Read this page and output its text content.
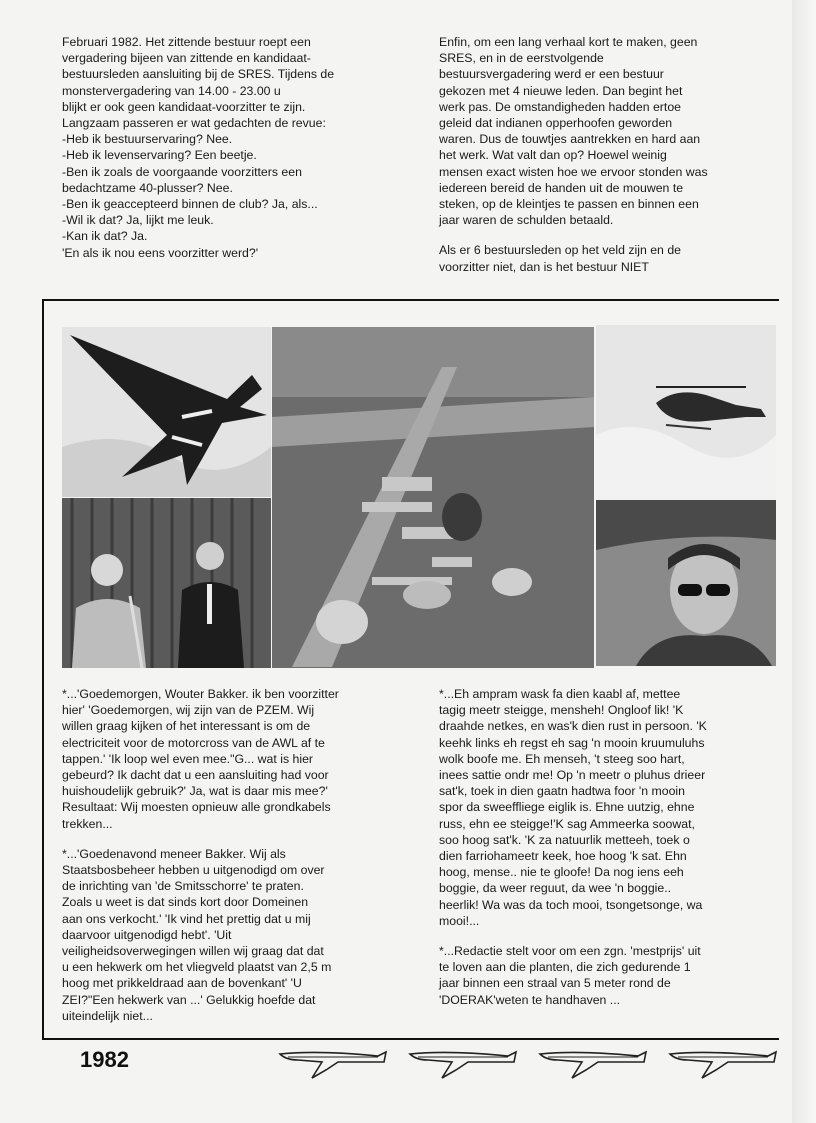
Februari 1982. Het zittende bestuur roept een
vergadering bijeen van zittende en kandidaat-
bestuursleden aansluiting bij de SRES. Tijdens de
monstervergadering van 14.00 - 23.00 u
blijkt er ook geen kandidaat-voorzitter te zijn.
Langzaam passeren er wat gedachten de revue:
-Heb ik bestuurservaring? Nee.
-Heb ik levenservaring? Een beetje.
-Ben ik zoals de voorgaande voorzitters een
bedachtzame 40-plusser? Nee.
-Ben ik geaccepteerd binnen de club? Ja, als...
-Wil ik dat? Ja, lijkt me leuk.
-Kan ik dat? Ja.
'En als ik nou eens voorzitter werd?'

Enfin, om een lang verhaal kort te maken, geen
SRES, en in de eerstvolgende
bestuursvergadering werd er een bestuur
gekozen met 4 nieuwe leden. Dan begint het
werk pas. De omstandigheden hadden ertoe
geleid dat indianen opperhoofen geworden
waren. Dus de touwtjes aantrekken en hard aan
het werk. Wat valt dan op? Hoewel weinig
mensen exact wisten hoe we ervoor stonden was
iedereen bereid de handen uit de mouwen te
steken, op de kleintjes te passen en binnen een
jaar waren de schulden betaald.

Als er 6 bestuursleden op het veld zijn en de
voorzitter niet, dan is het bestuur NIET

*...'Goedemorgen, Wouter Bakker. ik ben voorzitter
hier' 'Goedemorgen, wij zijn van de PZEM. Wij
willen graag kijken of het interessant is om de
electriciteit voor de motorcross van de AWL af te
tappen.' 'Ik loop wel even mee."G... wat is hier
gebeurd? Ik dacht dat u een aansluiting had voor
huishoudelijk gebruik?' Ja, wat is daar mis mee?'
Resultaat: Wij moesten opnieuw alle grondkabels
trekken...

*...'Goedenavond meneer Bakker. Wij als
Staatsbosbeheer hebben u uitgenodigd om over
de inrichting van 'de Smitsschorre' te praten.
Zoals u weet is dat sinds kort door Domeinen
aan ons verkocht.' 'Ik vind het prettig dat u mij
daarvoor uitgenodigd hebt'. 'Uit
veiligheidsoverwegingen willen wij graag dat dat
u een hekwerk om het vliegveld plaatst van 2,5 m
hoog met prikkeldraad aan de bovenkant' 'U
ZEI?"Een hekwerk van ...' Gelukkig hoefde dat
uiteindelijk niet...

*...Eh ampram wask fa dien kaabl af, mettee
tagig meetr steigge, mensheh! Ongloof lik! 'K
draahde netkes, en was'k dien rust in persoon. 'K
keehk links eh regst eh sag 'n mooin kruumuluhs
wolk boofe me. Eh menseh, 't steeg soo hart,
inees sattie ondr me! Op 'n meetr o pluhus drieer
sat'k, toek in dien gaatn hadtwa foor 'n mooin
spor da sweeffliege eiglik is. Ehne uutzig, ehne
russ, ehn ee steigge!'K sag Ammeerka soowat,
soo hoog sat'k. 'K za natuurlik metteeh, toek o
dien farriohameetr keek, hoe hoog 'k sat. Ehn
hoog, mense.. nie te gloofe! Da nog iens eeh
boggie, da weer reguut, da wee 'n boggie..
heerlik! Wa was da toch mooi, tsongetsonge, wa
mooi!...

*...Redactie stelt voor om een zgn. 'mestprijs' uit
te loven aan die planten, die zich gedurende 1
jaar binnen een straal van 5 meter rond de
'DOERAK'weten te handhaven ...

1982
